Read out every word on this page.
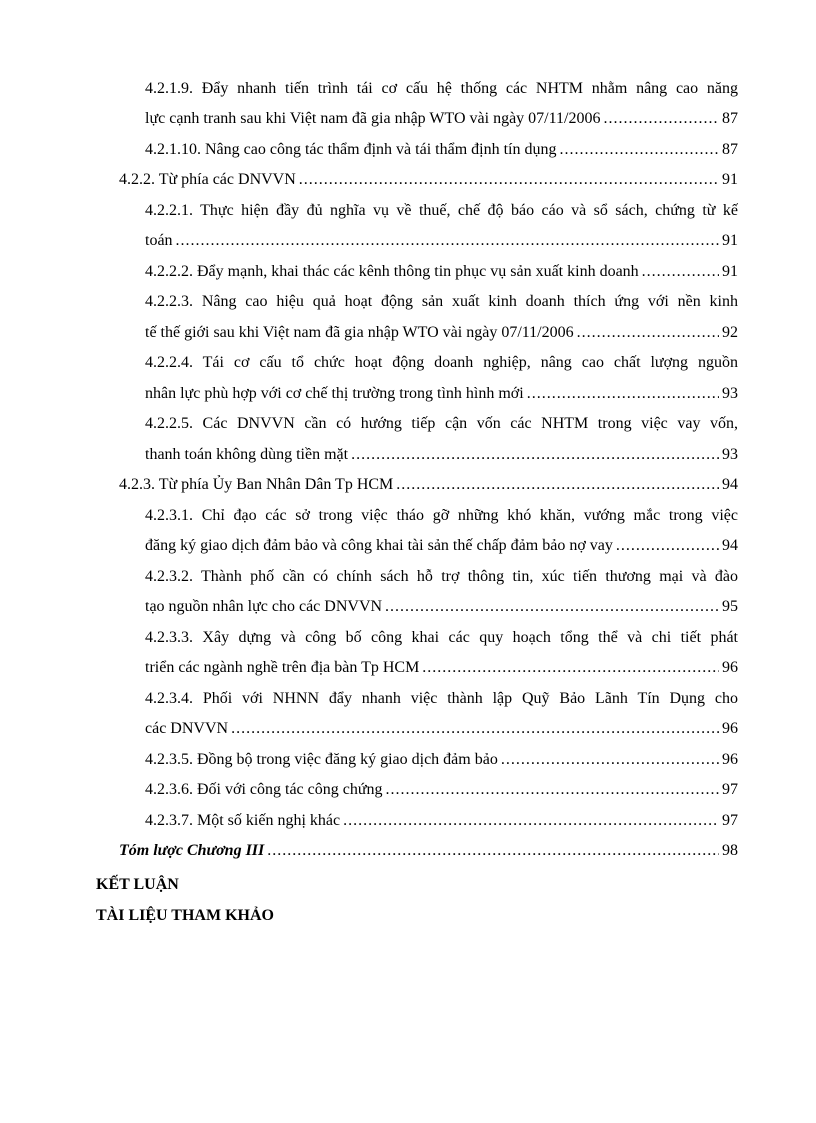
4.2.1.9. Đẩy nhanh tiến trình tái cơ cấu hệ thống các NHTM nhằm nâng cao năng
lực cạnh tranh sau khi Việt nam đã gia nhập WTO vài ngày 07/11/2006 .....	87
4.2.1.10. Nâng cao công tác thẩm định và tái thẩm định tín dụng .....	87
4.2.2. Từ phía các DNVVN .....	91
4.2.2.1. Thực hiện đầy đủ nghĩa vụ về thuế, chế độ báo cáo và sổ sách, chứng từ kế
toán .....	91
4.2.2.2. Đẩy mạnh, khai thác các kênh thông tin phục vụ sản xuất kinh doanh .....	91
4.2.2.3. Nâng cao hiệu quả hoạt động sản xuất kinh doanh thích ứng với nền kinh
tế thế giới sau khi Việt nam đã gia nhập WTO vài ngày 07/11/2006 .....	92
4.2.2.4. Tái cơ cấu tổ chức hoạt động doanh nghiệp, nâng cao chất lượng nguồn
nhân lực phù hợp với cơ chế thị trường trong tình hình mới .....	93
4.2.2.5. Các DNVVN cần có hướng tiếp cận vốn các NHTM trong việc vay vốn,
thanh toán không dùng tiền mặt .....	93
4.2.3. Từ phía Ủy Ban Nhân Dân Tp HCM .....	94
4.2.3.1. Chỉ đạo các sở trong việc tháo gỡ những khó khăn, vướng mắc trong việc
đăng ký giao dịch đảm bảo và công khai tài sản thế chấp đảm bảo nợ vay .....	94
4.2.3.2. Thành phố cần có chính sách hỗ trợ thông tin, xúc tiến thương mại và đào
tạo nguồn nhân lực cho các DNVVN .....	95
4.2.3.3. Xây dựng và công bố công khai các quy hoạch tổng thể và chi tiết phát
triển các ngành nghề trên địa bàn Tp HCM .....	96
4.2.3.4. Phối với NHNN đẩy nhanh việc thành lập Quỹ Bảo Lãnh Tín Dụng cho
các DNVVN .....	96
4.2.3.5. Đồng bộ trong việc đăng ký giao dịch đảm bảo .....	96
4.2.3.6. Đối với công tác công chứng .....	97
4.2.3.7. Một số kiến nghị khác .....	97
Tóm lược Chương III .....	98
KẾT LUẬN
TÀI LIỆU THAM KHẢO
